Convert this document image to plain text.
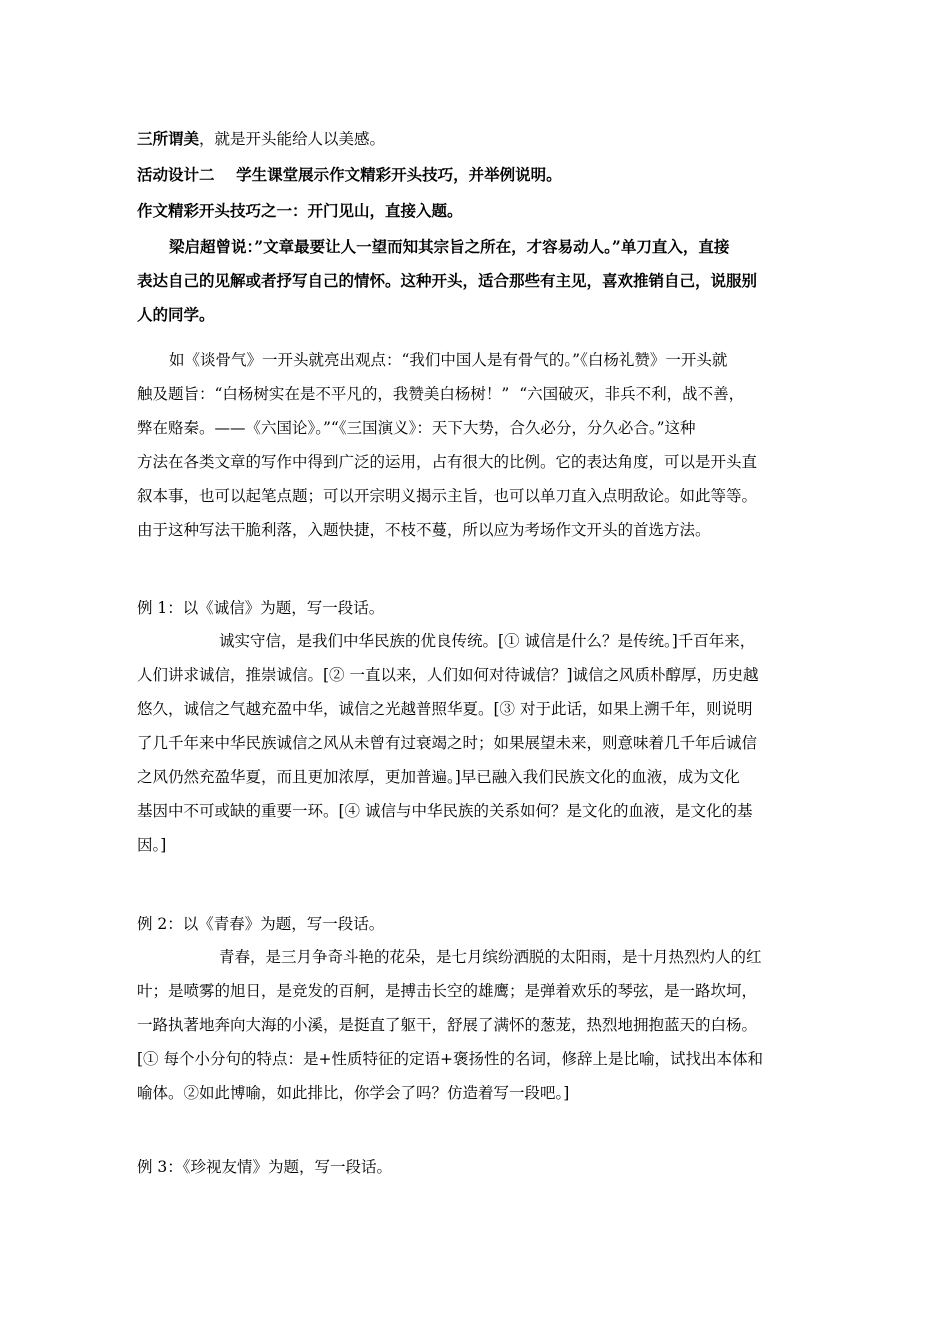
三所谓美，就是开头能给人以美感。

活动设计二    学生课堂展示作文精彩开头技巧，并举例说明。

作文精彩开头技巧之一：开门见山，直接入题。

梁启超曾说：”文章最要让人一望而知其宗旨之所在，才容易动人。”单刀直入，直接
表达自己的见解或者抒写自己的情怀。这种开头，适合那些有主见，喜欢推销自己，说服别
人的同学。
如《谈骨气》一开头就亮出观点：“我们中国人是有骨气的。”《白杨礼赞》一开头就
触及题旨：“白杨树实在是不平凡的，我赞美白杨树！”  “六国破灭，非兵不利，战不善，
弊在赂秦。——《六国论》。”“《三国演义》：天下大势，合久必分，分久必合。”这种
方法在各类文章的写作中得到广泛的运用，占有很大的比例。它的表达角度，可以是开头直
叙本事，也可以起笔点题；可以开宗明义揭示主旨，也可以单刀直入点明敌论。如此等等。
由于这种写法干脆利落，入题快捷，不枝不蔓，所以应为考场作文开头的首选方法。

例 1：以《诚信》为题，写一段话。

诚实守信，是我们中华民族的优良传统。[① 诚信是什么？是传统。]千百年来，
人们讲求诚信，推崇诚信。[② 一直以来，人们如何对待诚信？]诚信之风质朴醇厚，历史越
悠久，诚信之气越充盈中华，诚信之光越普照华夏。[③ 对于此话，如果上溯千年，则说明
了几千年来中华民族诚信之风从未曾有过衰竭之时；如果展望未来，则意味着几千年后诚信
之风仍然充盈华夏，而且更加浓厚，更加普遍。]早已融入我们民族文化的血液，成为文化
基因中不可或缺的重要一环。[④ 诚信与中华民族的关系如何？是文化的血液，是文化的基
因。]

例 2：以《青春》为题，写一段话。

青春，是三月争奇斗艳的花朵，是七月缤纷洒脱的太阳雨，是十月热烈灼人的红
叶；是喷雾的旭日，是竞发的百舸，是搏击长空的雄鹰；是弹着欢乐的琴弦，是一路坎坷，
一路执著地奔向大海的小溪，是挺直了躯干，舒展了满怀的葱茏，热烈地拥抱蓝天的白杨。
[① 每个小分句的特点：是+性质特征的定语+褒扬性的名词，修辞上是比喻，试找出本体和
喻体。②如此博喻，如此排比，你学会了吗？仿造着写一段吧。]

例 3：《珍视友情》为题，写一段话。
